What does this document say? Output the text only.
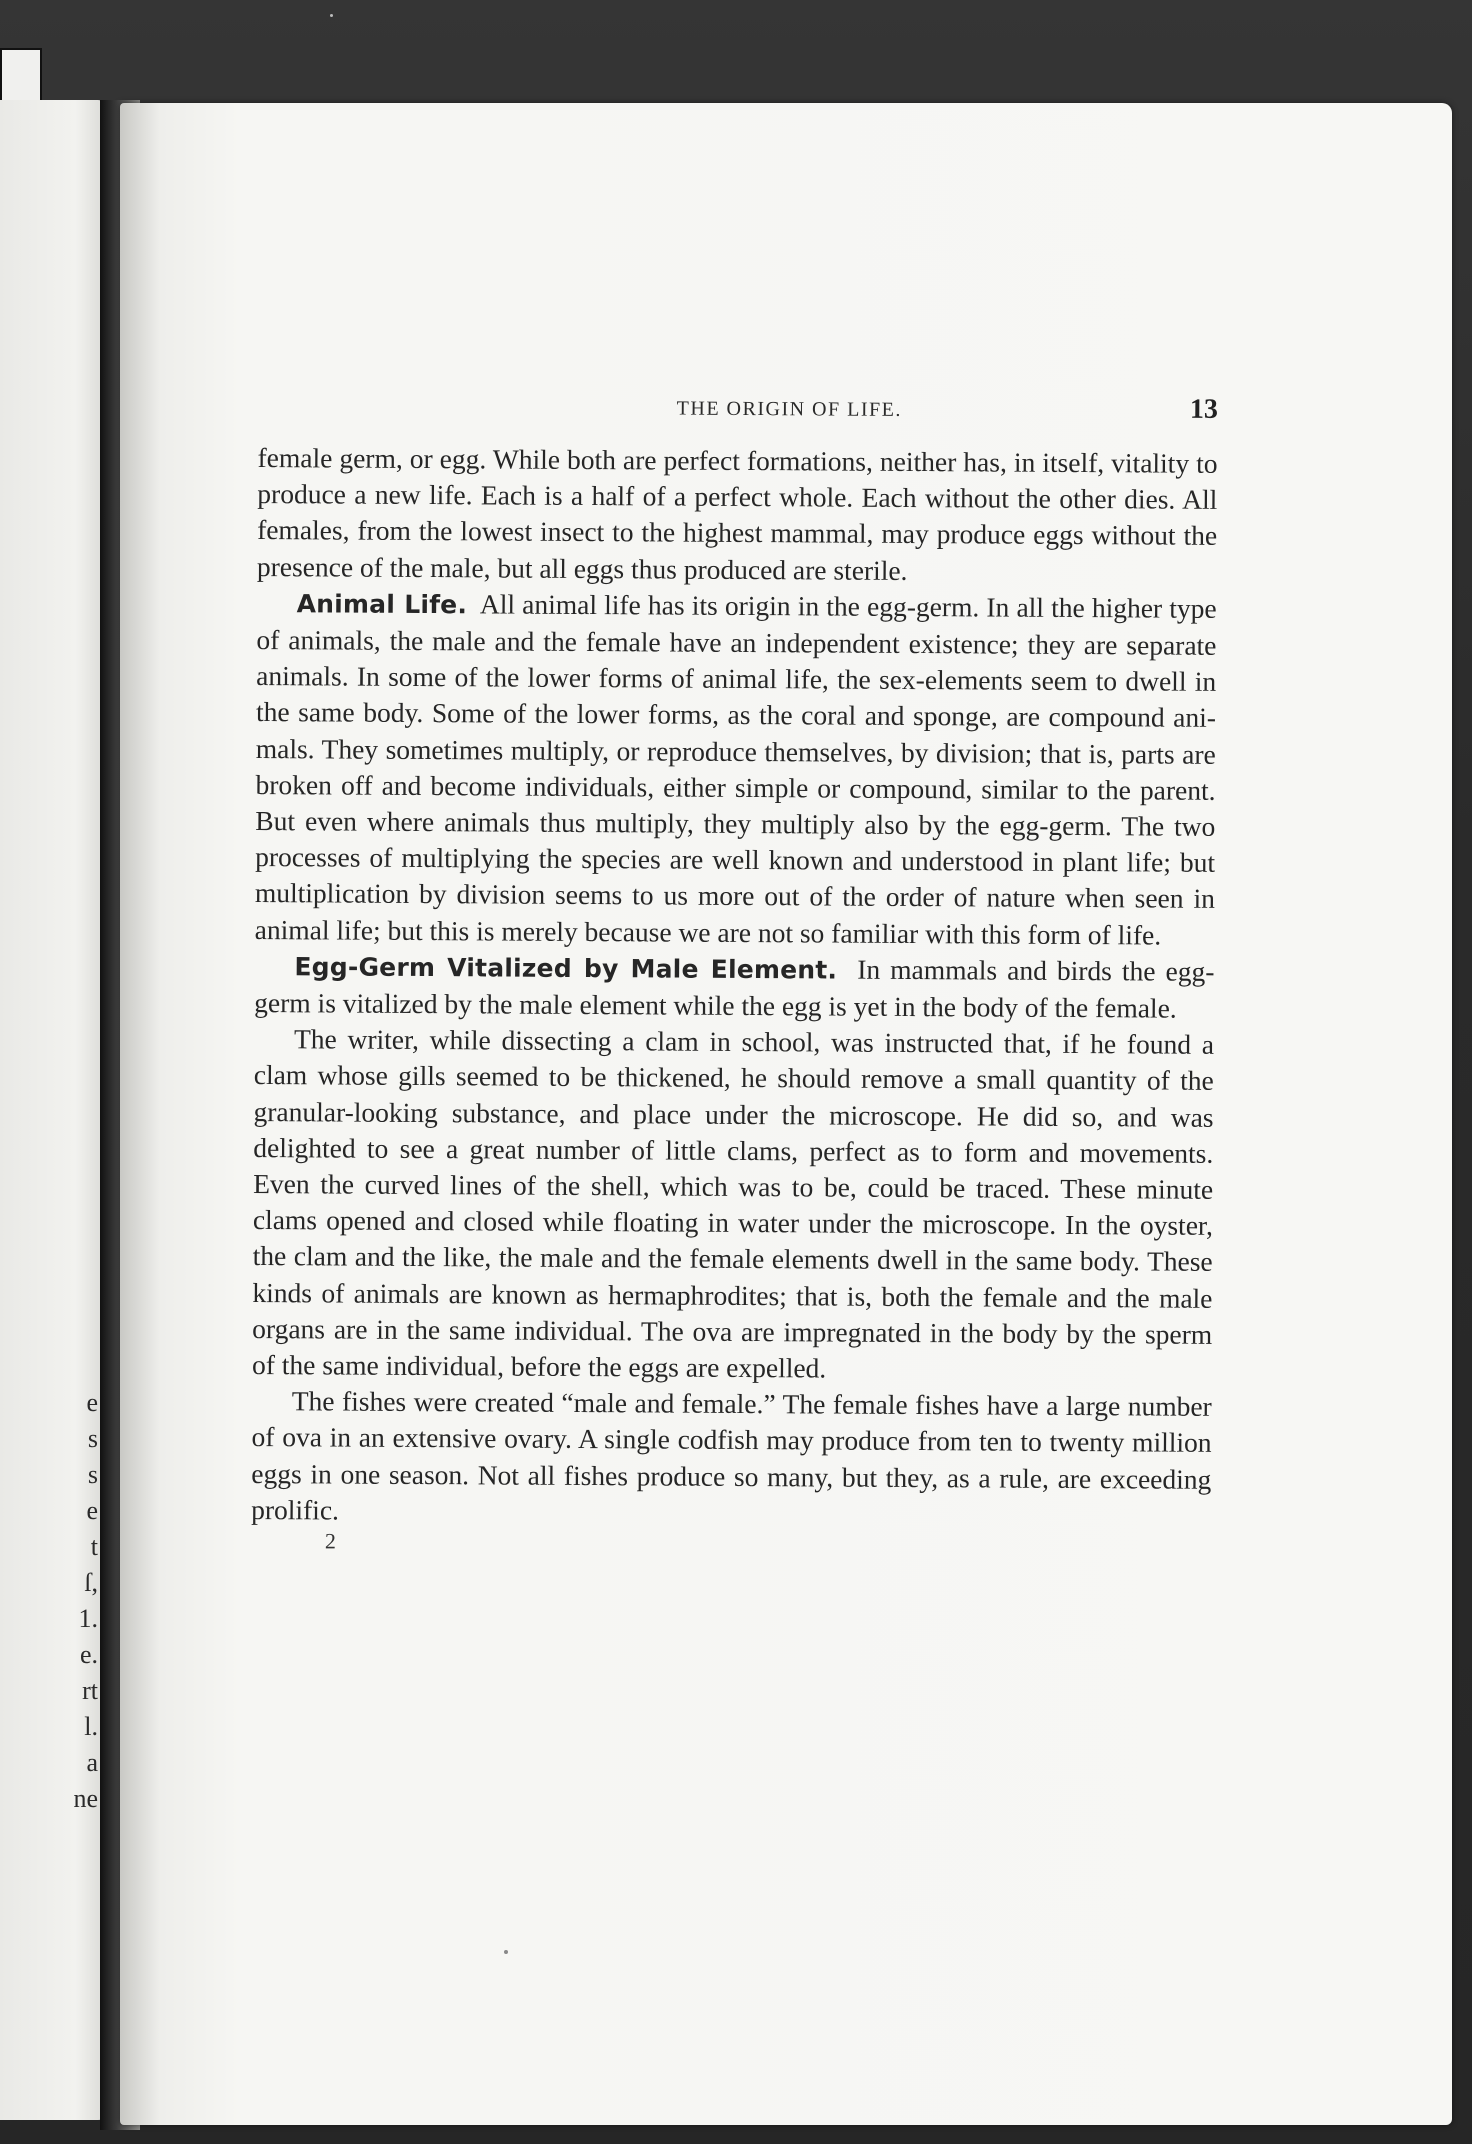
e
s
s
e
t
ſ,
1.
e.
rt
l.
a
ne
THE ORIGIN OF LIFE.	13

female germ, or egg. While both are perfect formations, neither has, in itself, vitality to produce a new life. Each is a half of a perfect whole. Each without the other dies. All females, from the lowest insect to the highest mammal, may produce eggs without the presence of the male, but all eggs thus produced are sterile.

Animal Life. All animal life has its origin in the egg-germ. In all the higher type of animals, the male and the female have an independent existence; they are separate animals. In some of the lower forms of animal life, the sex-elements seem to dwell in the same body. Some of the lower forms, as the coral and sponge, are compound animals. They sometimes multiply, or reproduce themselves, by division; that is, parts are broken off and become individuals, either simple or compound, similar to the parent. But even where animals thus multiply, they multiply also by the egg-germ. The two processes of multiplying the species are well known and understood in plant life; but multiplication by division seems to us more out of the order of nature when seen in animal life; but this is merely because we are not so familiar with this form of life.

Egg-Germ Vitalized by Male Element. In mammals and birds the egg-germ is vitalized by the male element while the egg is yet in the body of the female.

The writer, while dissecting a clam in school, was instructed that, if he found a clam whose gills seemed to be thickened, he should remove a small quantity of the granular-looking substance, and place under the microscope. He did so, and was delighted to see a great number of little clams, perfect as to form and movements. Even the curved lines of the shell, which was to be, could be traced. These minute clams opened and closed while floating in water under the microscope. In the oyster, the clam and the like, the male and the female elements dwell in the same body. These kinds of animals are known as hermaphrodites; that is, both the female and the male organs are in the same individual. The ova are impregnated in the body by the sperm of the same individual, before the eggs are expelled.

The fishes were created “male and female.” The female fishes have a large number of ova in an extensive ovary. A single codfish may produce from ten to twenty million eggs in one season. Not all fishes produce so many, but they, as a rule, are exceeding prolific.

2
